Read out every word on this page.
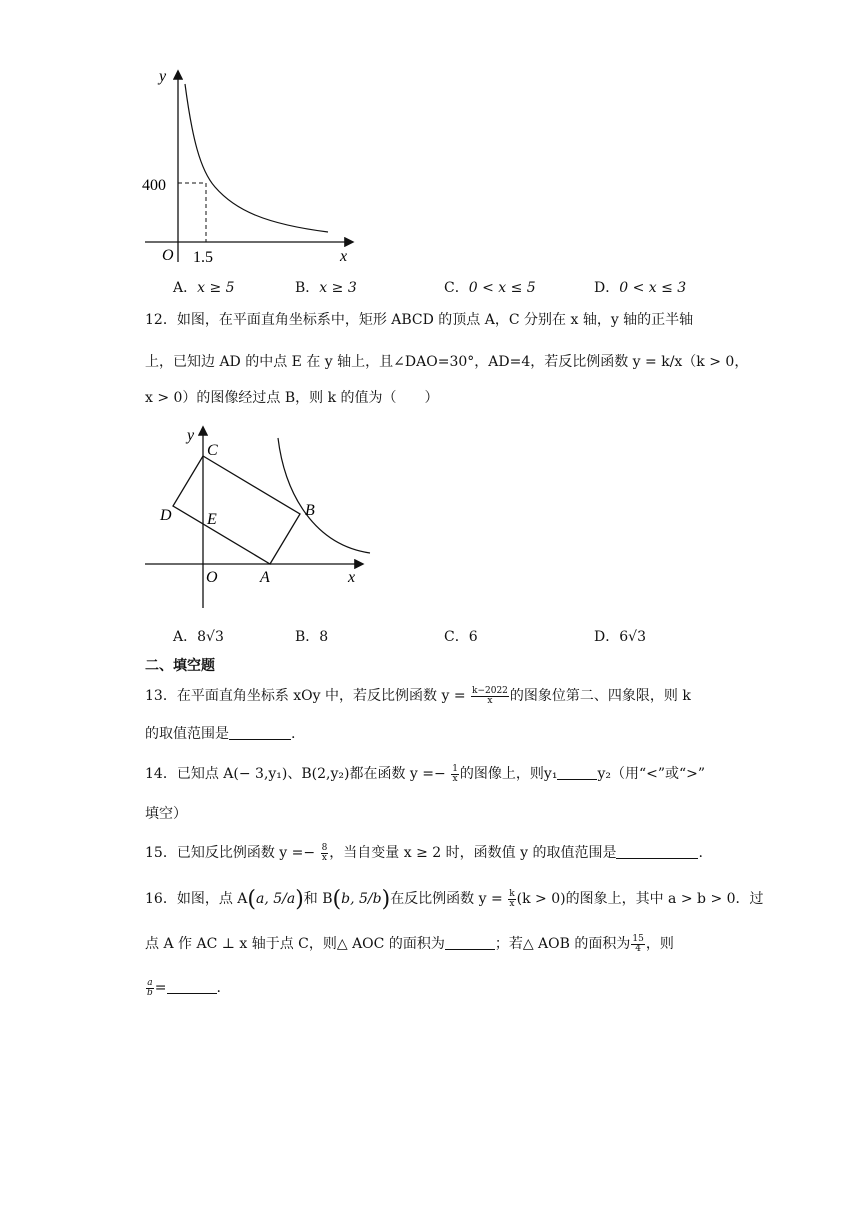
y
x
O
400
1.5
A．x ≥ 5	B．x ≥ 3	C．0 < x ≤ 5	D．0 < x ≤ 3
12．如图，在平面直角坐标系中，矩形 ABCD 的顶点 A，C 分别在 x 轴，y 轴的正半轴
上，已知边 AD 的中点 E 在 y 轴上，且∠DAO=30°，AD=4，若反比例函数 y = k/x（k > 0，
x > 0）的图像经过点 B，则 k 的值为（　　）
y
C
D E
B
O	A	x
A．8√3	B．8	C．6	D．6√3
二、填空题
13．在平面直角坐标系 xOy 中，若反比例函数 $y = \frac{k-2022}{x}$ 的图象位第二、四象限，则 k
的取值范围是	.
14．已知点 A(− 3,y₁)、B(2,y₂)都在函数 $y =- \frac{1}{x}$ 的图像上，则y₁	y₂（用“<”或“>”
填空）
15．已知反比例函数 $y =- \frac{8}{x}$ ，当自变量 x ≥ 2 时，函数值 y 的取值范围是	.
16．如图，点 A(a, 5/a)和 B(b, 5/b)在反比例函数 $y = \frac{k}{x} (k > 0)$的图象上，其中 a > b > 0．过
点 A 作 AC ⊥ x 轴于点 C，则△ AOC 的面积为	；若△ AOB 的面积为 $\frac{15}{4}$ ，则
$\frac{a}{b}$ =	.
